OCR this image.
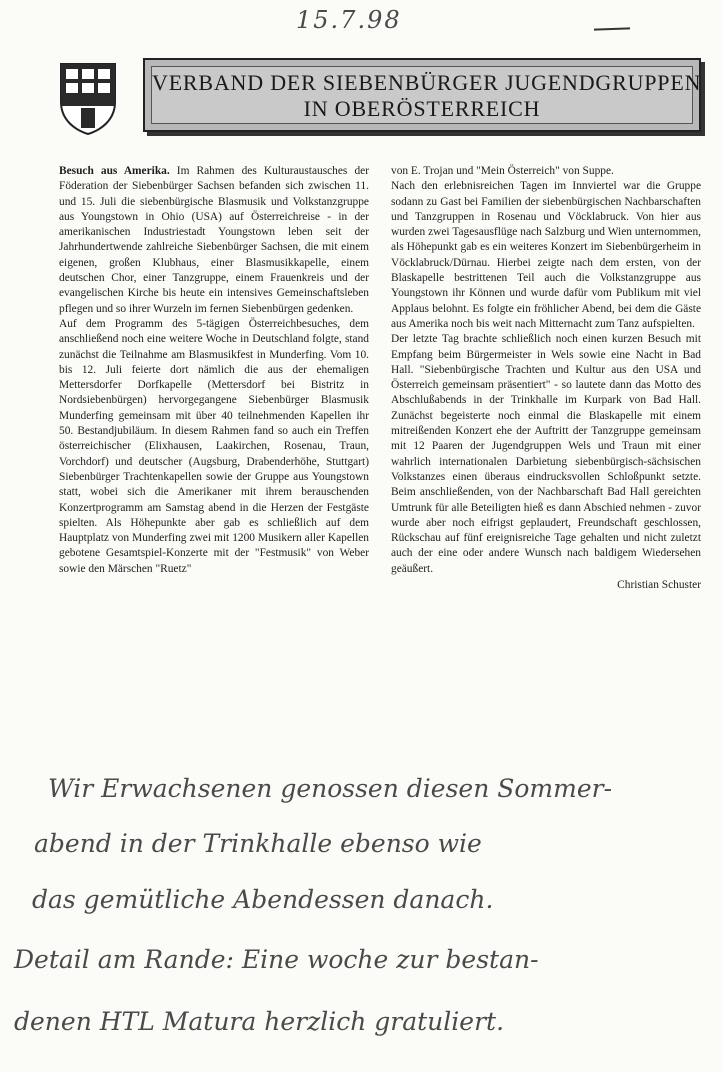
15.7.98
VERBAND DER SIEBENBÜRGER JUGENDGRUPPEN
IN OBERÖSTERREICH

Besuch aus Amerika. Im Rahmen des Kulturaustausches der Föderation der Siebenbürger Sachsen befanden sich zwischen 11. und 15. Juli die siebenbürgische Blasmusik und Volkstanzgruppe aus Youngstown in Ohio (USA) auf Österreichreise - in der amerikanischen Industriestadt Youngstown leben seit der Jahrhundertwende zahlreiche Siebenbürger Sachsen, die mit einem eigenen, großen Klubhaus, einer Blasmusikkapelle, einem deutschen Chor, einer Tanzgruppe, einem Frauenkreis und der evangelischen Kirche bis heute ein intensives Gemeinschaftsleben pflegen und so ihrer Wurzeln im fernen Siebenbürgen gedenken.

Auf dem Programm des 5-tägigen Österreichbesuches, dem anschließend noch eine weitere Woche in Deutschland folgte, stand zunächst die Teilnahme am Blasmusikfest in Munderfing. Vom 10. bis 12. Juli feierte dort nämlich die aus der ehemaligen Mettersdorfer Dorfkapelle (Mettersdorf bei Bistritz in Nordsiebenbürgen) hervorgegangene Siebenbürger Blasmusik Munderfing gemeinsam mit über 40 teilnehmenden Kapellen ihr 50. Bestandjubiläum. In diesem Rahmen fand so auch ein Treffen österreichischer (Elixhausen, Laakirchen, Rosenau, Traun, Vorchdorf) und deutscher (Augsburg, Drabenderhöhe, Stuttgart) Siebenbürger Trachtenkapellen sowie der Gruppe aus Youngstown statt, wobei sich die Amerikaner mit ihrem berauschenden Konzertprogramm am Samstag abend in die Herzen der Festgäste spielten. Als Höhepunkte aber gab es schließlich auf dem Hauptplatz von Munderfing zwei mit 1200 Musikern aller Kapellen gebotene Gesamtspiel-Konzerte mit der "Festmusik" von Weber sowie den Märschen "Ruetz"

von E. Trojan und "Mein Österreich" von Suppe.

Nach den erlebnisreichen Tagen im Innviertel war die Gruppe sodann zu Gast bei Familien der siebenbürgischen Nachbarschaften und Tanzgruppen in Rosenau und Vöcklabruck. Von hier aus wurden zwei Tagesausflüge nach Salzburg und Wien unternommen, als Höhepunkt gab es ein weiteres Konzert im Siebenbürgerheim in Vöcklabruck/Dürnau. Hierbei zeigte nach dem ersten, von der Blaskapelle bestrittenen Teil auch die Volkstanzgruppe aus Youngstown ihr Können und wurde dafür vom Publikum mit viel Applaus belohnt. Es folgte ein fröhlicher Abend, bei dem die Gäste aus Amerika noch bis weit nach Mitternacht zum Tanz aufspielten.

Der letzte Tag brachte schließlich noch einen kurzen Besuch mit Empfang beim Bürgermeister in Wels sowie eine Nacht in Bad Hall. "Siebenbürgische Trachten und Kultur aus den USA und Österreich gemeinsam präsentiert" - so lautete dann das Motto des Abschlußabends in der Trinkhalle im Kurpark von Bad Hall. Zunächst begeisterte noch einmal die Blaskapelle mit einem mitreißenden Konzert ehe der Auftritt der Tanzgruppe gemeinsam mit 12 Paaren der Jugendgruppen Wels und Traun mit einer wahrlich internationalen Darbietung siebenbürgisch-sächsischen Volkstanzes einen überaus eindrucksvollen Schloßpunkt setzte. Beim anschließenden, von der Nachbarschaft Bad Hall gereichten Umtrunk für alle Beteiligten hieß es dann Abschied nehmen - zuvor wurde aber noch eifrigst geplaudert, Freundschaft geschlossen, Rückschau auf fünf ereignisreiche Tage gehalten und nicht zuletzt auch der eine oder andere Wunsch nach baldigem Wiedersehen geäußert.

Christian Schuster

Wir Erwachsenen genossen diesen Sommer-
abend in der Trinkhalle ebenso wie
das gemütliche Abendessen danach.
Detail am Rande: Eine woche zur bestan-
denen HTL Matura herzlich gratuliert.
